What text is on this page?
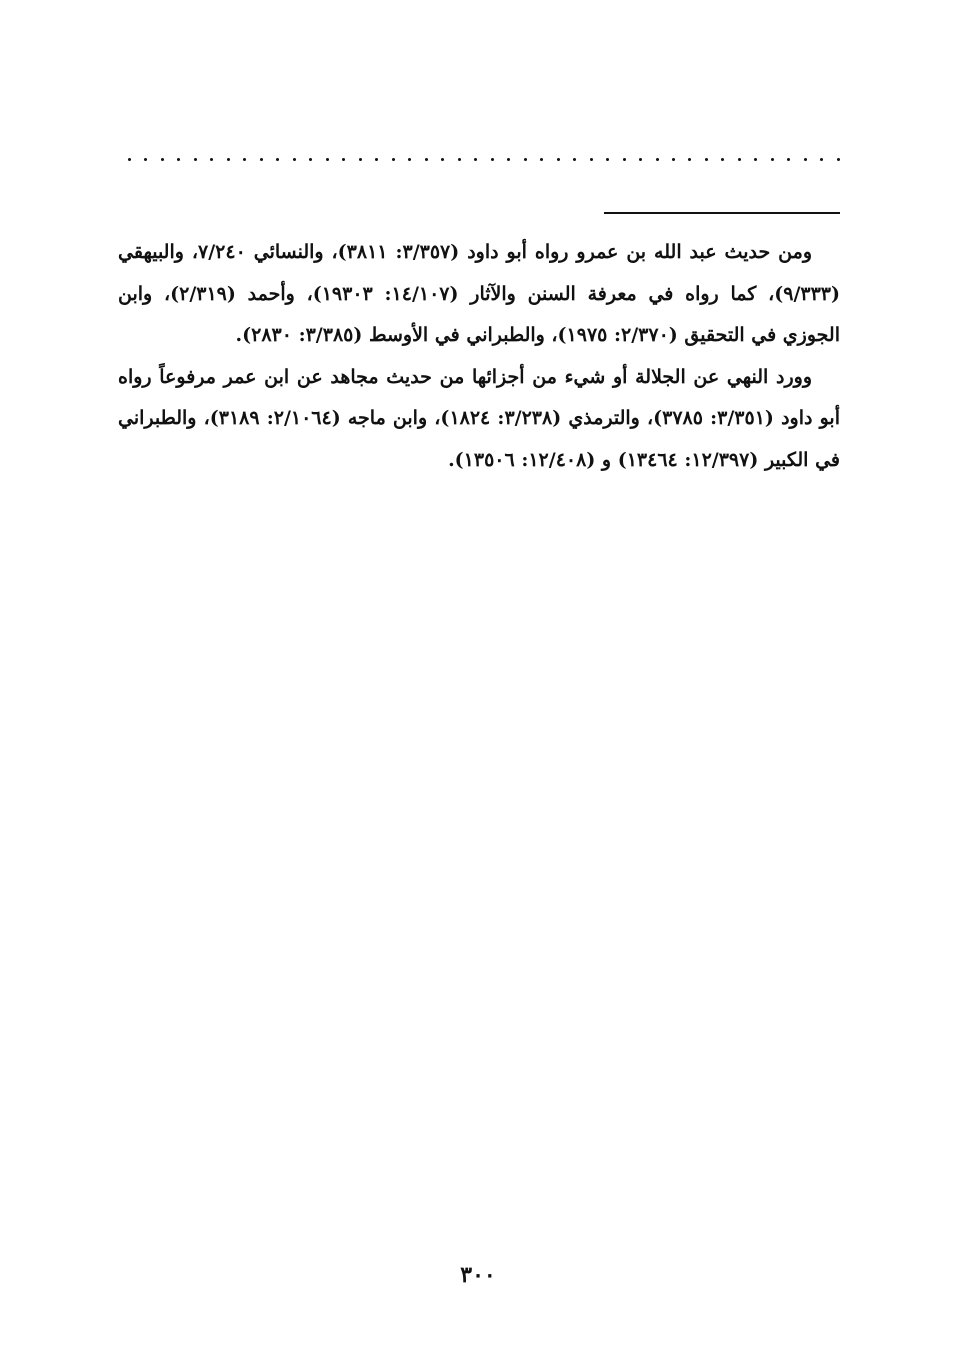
ومن حديث عبد الله بن عمرو رواه أبو داود (٣/٣٥٧: ٣٨١١)، والنسائي ٧/٢٤٠، والبيهقي (٩/٣٣٣)، كما رواه في معرفة السنن والآثار (١٤/١٠٧: ١٩٣٠٣)، وأحمد (٢/٣١٩)، وابن الجوزي في التحقيق (٢/٣٧٠: ١٩٧٥)، والطبراني في الأوسط (٣/٣٨٥: ٢٨٣٠).

وورد النهي عن الجلالة أو شيء من أجزائها من حديث مجاهد عن ابن عمر مرفوعاً رواه أبو داود (٣/٣٥١: ٣٧٨٥)، والترمذي (٣/٢٣٨: ١٨٢٤)، وابن ماجه (٢/١٠٦٤: ٣١٨٩)، والطبراني في الكبير (١٢/٣٩٧: ١٣٤٦٤) و (١٢/٤٠٨: ١٣٥٠٦).

٣٠٠
